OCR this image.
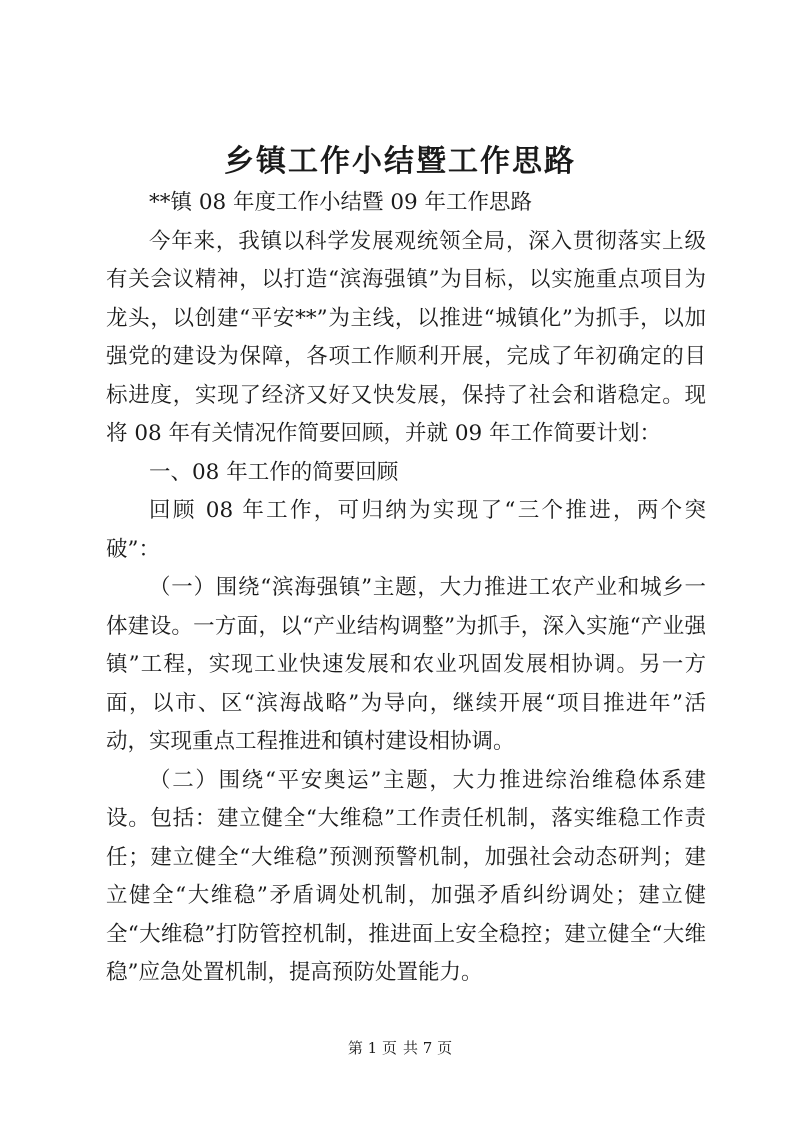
乡镇工作小结暨工作思路

**镇 08 年度工作小结暨 09 年工作思路

今年来，我镇以科学发展观统领全局，深入贯彻落实上级有关会议精神，以打造“滨海强镇”为目标，以实施重点项目为龙头，以创建“平安**”为主线，以推进“城镇化”为抓手，以加强党的建设为保障，各项工作顺利开展，完成了年初确定的目标进度，实现了经济又好又快发展，保持了社会和谐稳定。现将 08 年有关情况作简要回顾，并就 09 年工作简要计划：

一、08 年工作的简要回顾

回顾 08 年工作，可归纳为实现了“三个推进，两个突破”：

（一）围绕“滨海强镇”主题，大力推进工农产业和城乡一体建设。一方面，以“产业结构调整”为抓手，深入实施“产业强镇”工程，实现工业快速发展和农业巩固发展相协调。另一方面，以市、区“滨海战略”为导向，继续开展“项目推进年”活动，实现重点工程推进和镇村建设相协调。

（二）围绕“平安奥运”主题，大力推进综治维稳体系建设。包括：建立健全“大维稳”工作责任机制，落实维稳工作责任；建立健全“大维稳”预测预警机制，加强社会动态研判；建立健全“大维稳”矛盾调处机制，加强矛盾纠纷调处；建立健全“大维稳”打防管控机制，推进面上安全稳控；建立健全“大维稳”应急处置机制，提高预防处置能力。

第 1 页 共 7 页
